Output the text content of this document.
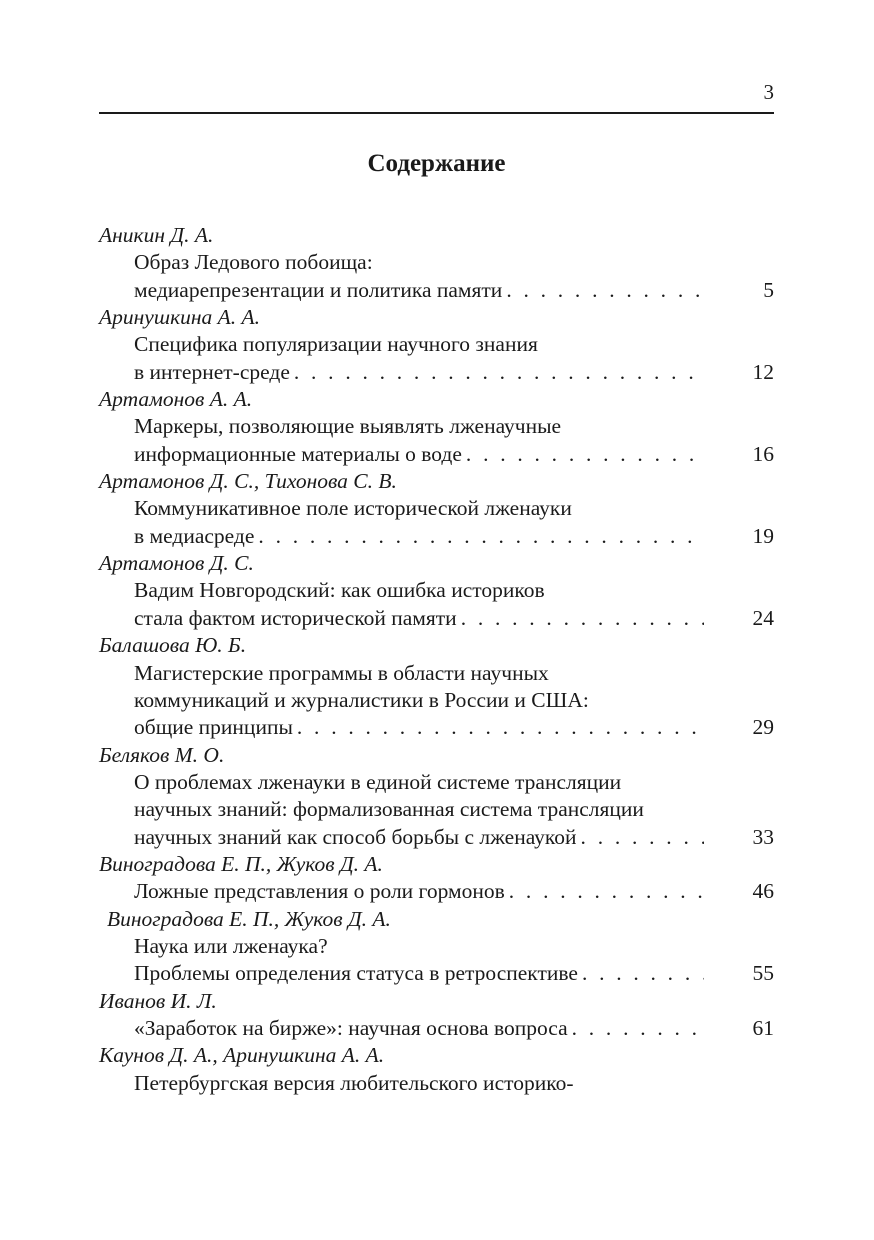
3
Содержание
Аникин Д. А.
Образ Ледового побоища:
медиарепрезентации и политика памяти . . .	5
Аринушкина А. А.
Специфика популяризации научного знания
в интернет-среде . . .	12
Артамонов А. А.
Маркеры, позволяющие выявлять лженаучные
информационные материалы о воде . . .	16
Артамонов Д. С., Тихонова С. В.
Коммуникативное поле исторической лженауки
в медиасреде . . .	19
Артамонов Д. С.
Вадим Новгородский: как ошибка историков
стала фактом исторической памяти . . .	24
Балашова Ю. Б.
Магистерские программы в области научных
коммуникаций и журналистики в России и США:
общие принципы . . .	29
Беляков М. О.
О проблемах лженауки в единой системе трансляции
научных знаний: формализованная система трансляции
научных знаний как способ борьбы с лженаукой . . .	33
Виноградова Е. П., Жуков Д. А.
Ложные представления о роли гормонов . . .	46
Виноградова Е. П., Жуков Д. А.
Наука или лженаука?
Проблемы определения статуса в ретроспективе . . .	55
Иванов И. Л.
«Заработок на бирже»: научная основа вопроса . . .	61
Каунов Д. А., Аринушкина А. А.
Петербургская версия любительского историко-
